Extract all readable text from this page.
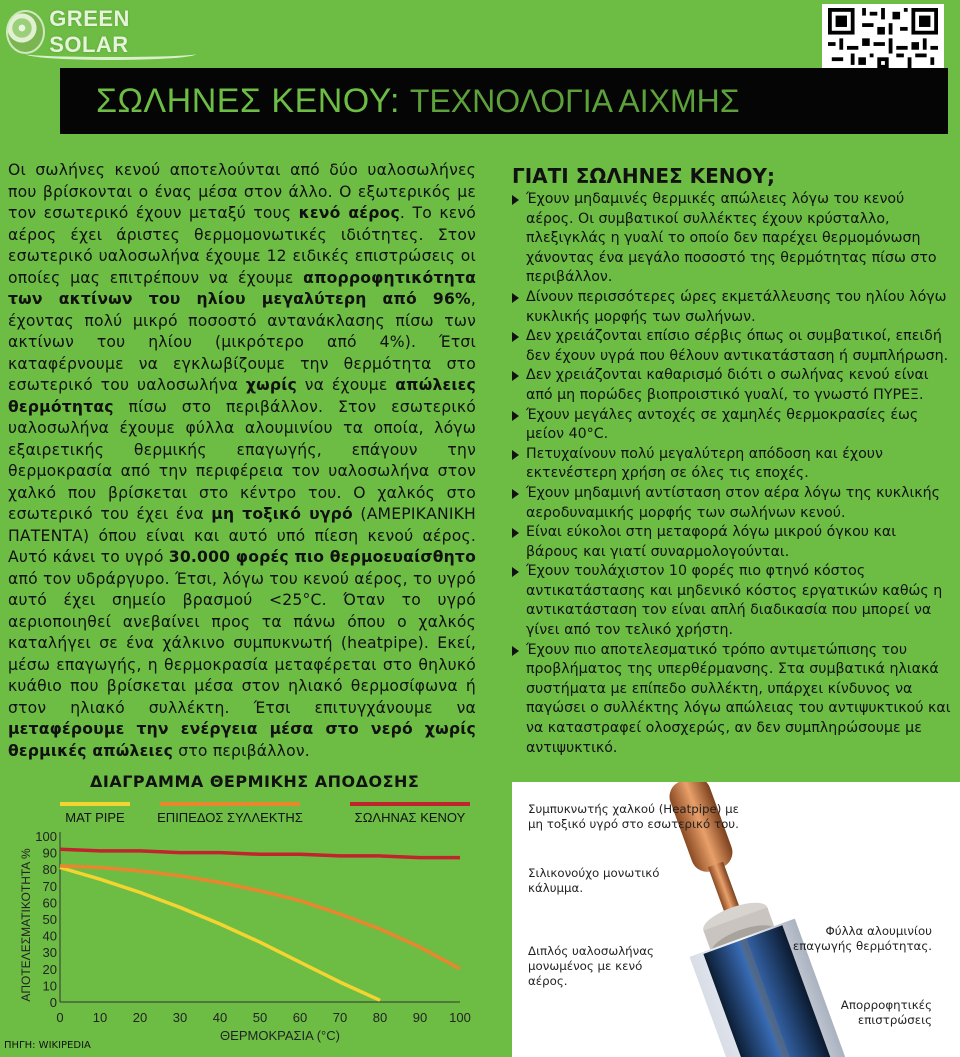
GREEN SOLAR
ΣΩΛΗΝΕΣ ΚΕΝΟΥ: ΤΕΧΝΟΛΟΓΙΑ ΑΙΧΜΗΣ
Οι σωλήνες κενού αποτελούνται από δύο υαλοσωλήνες που βρίσκονται ο ένας μέσα στον άλλο. Ο εξωτερικός με τον εσωτερικό έχουν μεταξύ τους κενό αέρος. Το κενό αέρος έχει άριστες θερμομονωτικές ιδιότητες. Στον εσωτερικό υαλοσωλήνα έχουμε 12 ειδικές επιστρώσεις οι οποίες μας επιτρέπουν να έχουμε απορροφητικότητα των ακτίνων του ηλίου μεγαλύτερη από 96%, έχοντας πολύ μικρό ποσοστό αντανάκλασης πίσω των ακτίνων του ηλίου (μικρότερο από 4%). Έτσι καταφέρνουμε να εγκλωβίζουμε την θερμότητα στο εσωτερικό του υαλοσωλήνα χωρίς να έχουμε απώλειες θερμότητας πίσω στο περιβάλλον. Στον εσωτερικό υαλοσωλήνα έχουμε φύλλα αλουμινίου τα οποία, λόγω εξαιρετικής θερμικής επαγωγής, επάγουν την θερμοκρασία από την περιφέρεια τον υαλοσωλήνα στον χαλκό που βρίσκεται στο κέντρο του. Ο χαλκός στο εσωτερικό του έχει ένα μη τοξικό υγρό (ΑΜΕΡΙΚΑΝΙΚΗ ΠΑΤΕΝΤΑ) όπου είναι και αυτό υπό πίεση κενού αέρος. Αυτό κάνει το υγρό 30.000 φορές πιο θερμοευαίσθητο από τον υδράργυρο. Έτσι, λόγω του κενού αέρος, το υγρό αυτό έχει σημείο βρασμού <25°C. Όταν το υγρό αεριοποιηθεί ανεβαίνει προς τα πάνω όπου ο χαλκός καταλήγει σε ένα χάλκινο συμπυκνωτή (heatpipe). Εκεί, μέσω επαγωγής, η θερμοκρασία μεταφέρεται στο θηλυκό κυάθιο που βρίσκεται μέσα στον ηλιακό θερμοσίφωνα ή στον ηλιακό συλλέκτη. Έτσι επιτυγχάνουμε να μεταφέρουμε την ενέργεια μέσα στο νερό χωρίς θερμικές απώλειες στο περιβάλλον.
ΓΙΑΤΙ ΣΩΛΗΝΕΣ ΚΕΝΟΥ;
Έχουν μηδαμινές θερμικές απώλειες λόγω του κενού αέρος. Οι συμβατικοί συλλέκτες έχουν κρύσταλλο, πλεξιγκλάς η γυαλί το οποίο δεν παρέχει θερμομόνωση χάνοντας ένα μεγάλο ποσοστό της θερμότητας πίσω στο περιβάλλον.
Δίνουν περισσότερες ώρες εκμετάλλευσης του ηλίου λόγω κυκλικής μορφής των σωλήνων.
Δεν χρειάζονται επίσιο σέρβις όπως οι συμβατικοί, επειδή δεν έχουν υγρά που θέλουν αντικατάσταση ή συμπλήρωση.
Δεν χρειάζονται καθαρισμό διότι ο σωλήνας κενού είναι από μη πορώδες βιοπροιστικό γυαλί, το γνωστό ΠΥΡΕΞ.
Έχουν μεγάλες αντοχές σε χαμηλές θερμοκρασίες έως μείον 40°C.
Πετυχαίνουν πολύ μεγαλύτερη απόδοση και έχουν εκτενέστερη χρήση σε όλες τις εποχές.
Έχουν μηδαμινή αντίσταση στον αέρα λόγω της κυκλικής αεροδυναμικής μορφής των σωλήνων κενού.
Είναι εύκολοι στη μεταφορά λόγω μικρού όγκου και βάρους και γιατί συναρμολογούνται.
Έχουν τουλάχιστον 10 φορές πιο φτηνό κόστος αντικατάστασης και μηδενικό κόστος εργατικών καθώς η αντικατάσταση τον είναι απλή διαδικασία που μπορεί να γίνει από τον τελικό χρήστη.
Έχουν πιο αποτελεσματικό τρόπο αντιμετώπισης του προβλήματος της υπερθέρμανσης. Στα συμβατικά ηλιακά συστήματα με επίπεδο συλλέκτη, υπάρχει κίνδυνος να παγώσει ο συλλέκτης λόγω απώλειας του αντιψυκτικού και να καταστραφεί ολοσχερώς, αν δεν συμπληρώσουμε με αντιψυκτικό.
ΔΙΑΓΡΑΜΜΑ ΘΕΡΜΙΚΗΣ ΑΠΟΔΟΣΗΣ
0
10
20
30
40
50
60
70
80
90
100
0 10 20 30 40 50 60 70 80 90 100
ΘΕΡΜΟΚΡΑΣΙΑ (°C)
ΑΠΟΤΕΛΕΣΜΑΤΙΚΟΤΗΤΑ %
ΜΑΤ PIPE ΕΠΙΠΕΔΟΣ ΣΥΛΛΕΚΤΗΣ	ΣΩΛΗΝΑΣ ΚΕΝΟΥ
ΠΗΓΗ: WIKIPEDIA
Συμπυκνωτής χαλκού (Heatpipe) με μη τοξικό υγρό στο εσωτερικό του.
Σιλικονούχο μονωτικό κάλυμμα.
Διπλός υαλοσωλήνας μονωμένος με κενό αέρος.
Φύλλα αλουμινίου επαγωγής θερμότητας.
Απορροφητικές επιστρώσεις
